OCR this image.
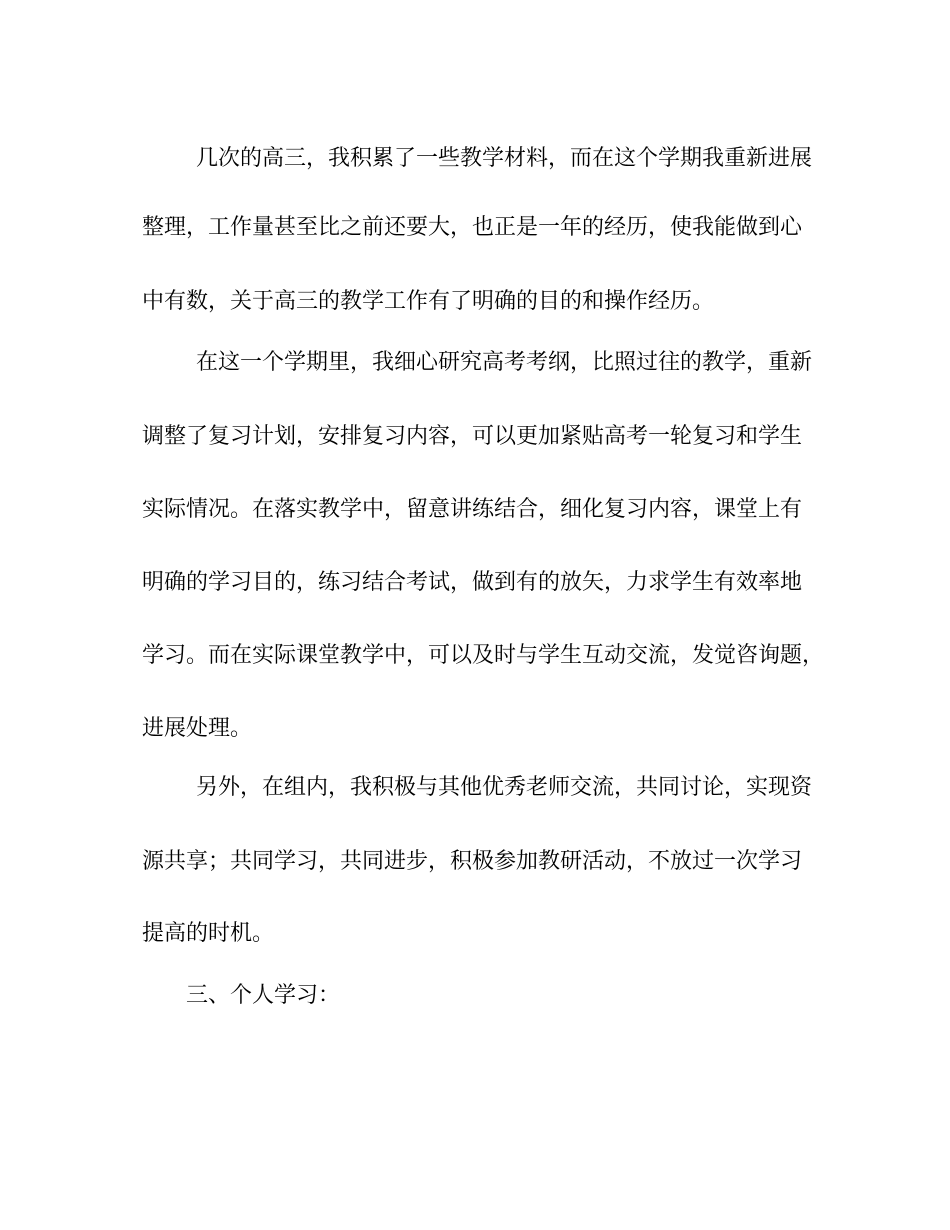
几次的高三，我积累了一些教学材料，而在这个学期我重新进展
整理，工作量甚至比之前还要大，也正是一年的经历，使我能做到心
中有数，关于高三的教学工作有了明确的目的和操作经历。
在这一个学期里，我细心研究高考考纲，比照过往的教学，重新
调整了复习计划，安排复习内容，可以更加紧贴高考一轮复习和学生
实际情况。在落实教学中，留意讲练结合，细化复习内容，课堂上有
明确的学习目的，练习结合考试，做到有的放矢，力求学生有效率地
学习。而在实际课堂教学中，可以及时与学生互动交流，发觉咨询题，
进展处理。
另外，在组内，我积极与其他优秀老师交流，共同讨论，实现资
源共享；共同学习，共同进步，积极参加教研活动，不放过一次学习
提高的时机。
三、个人学习：
